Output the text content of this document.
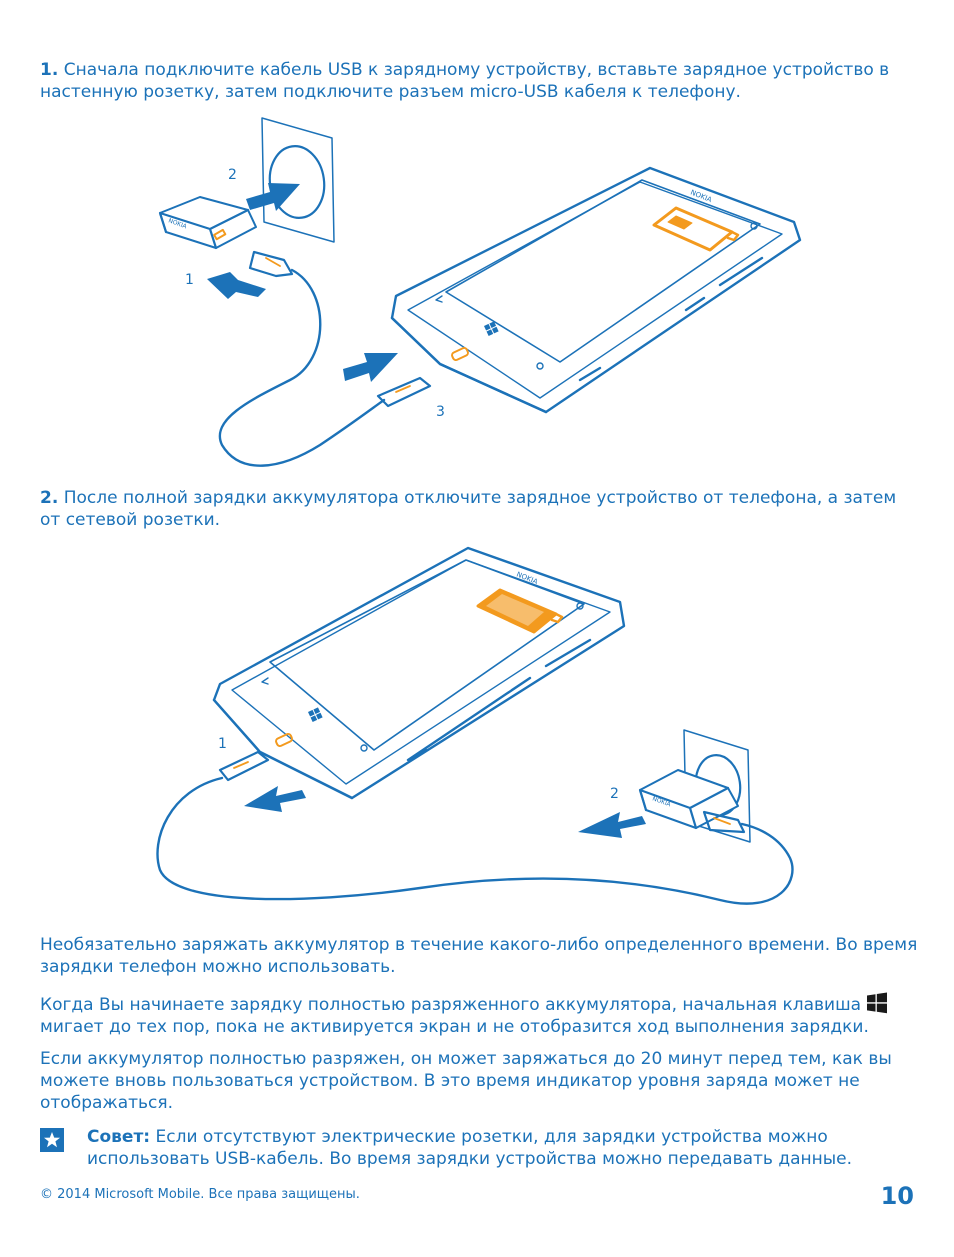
1. Сначала подключите кабель USB к зарядному устройству, вставьте зарядное устройство в настенную розетку, затем подключите разъем micro-USB кабеля к телефону.

2
NOKIA
1
3
NOKIA

2. После полной зарядки аккумулятора отключите зарядное устройство от телефона, а затем от сетевой розетки.

NOKIA
1
NOKIA
2

Необязательно заряжать аккумулятор в течение какого-либо определенного времени. Во время зарядки телефон можно использовать.

Когда Вы начинаете зарядку полностью разряженного аккумулятора, начальная клавиша  мигает до тех пор, пока не активируется экран и не отобразится ход выполнения зарядки.

Если аккумулятор полностью разряжен, он может заряжаться до 20 минут перед тем, как вы можете вновь пользоваться устройством. В это время индикатор уровня заряда может не отображаться.

Совет: Если отсутствуют электрические розетки, для зарядки устройства можно использовать USB-кабель. Во время зарядки устройства можно передавать данные.

© 2014 Microsoft Mobile. Все права защищены.	10
